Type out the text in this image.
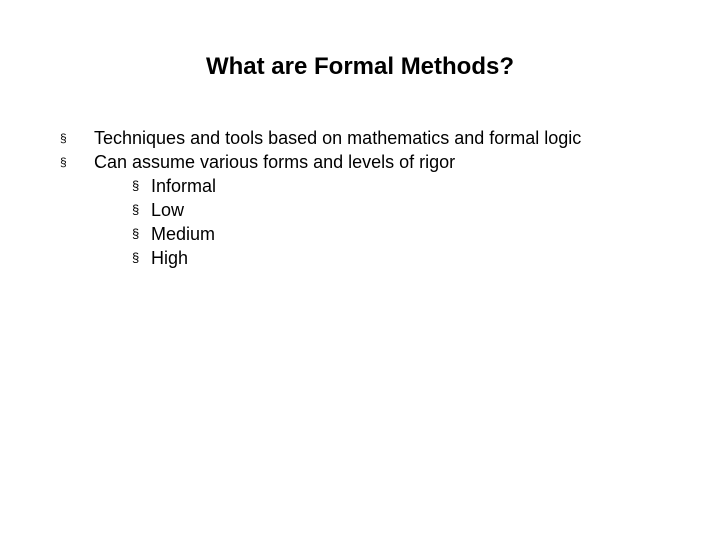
What are Formal Methods?
§ Techniques and tools based on mathematics and formal logic
§ Can assume various forms and levels of rigor
§ Informal
§ Low
§ Medium
§ High
